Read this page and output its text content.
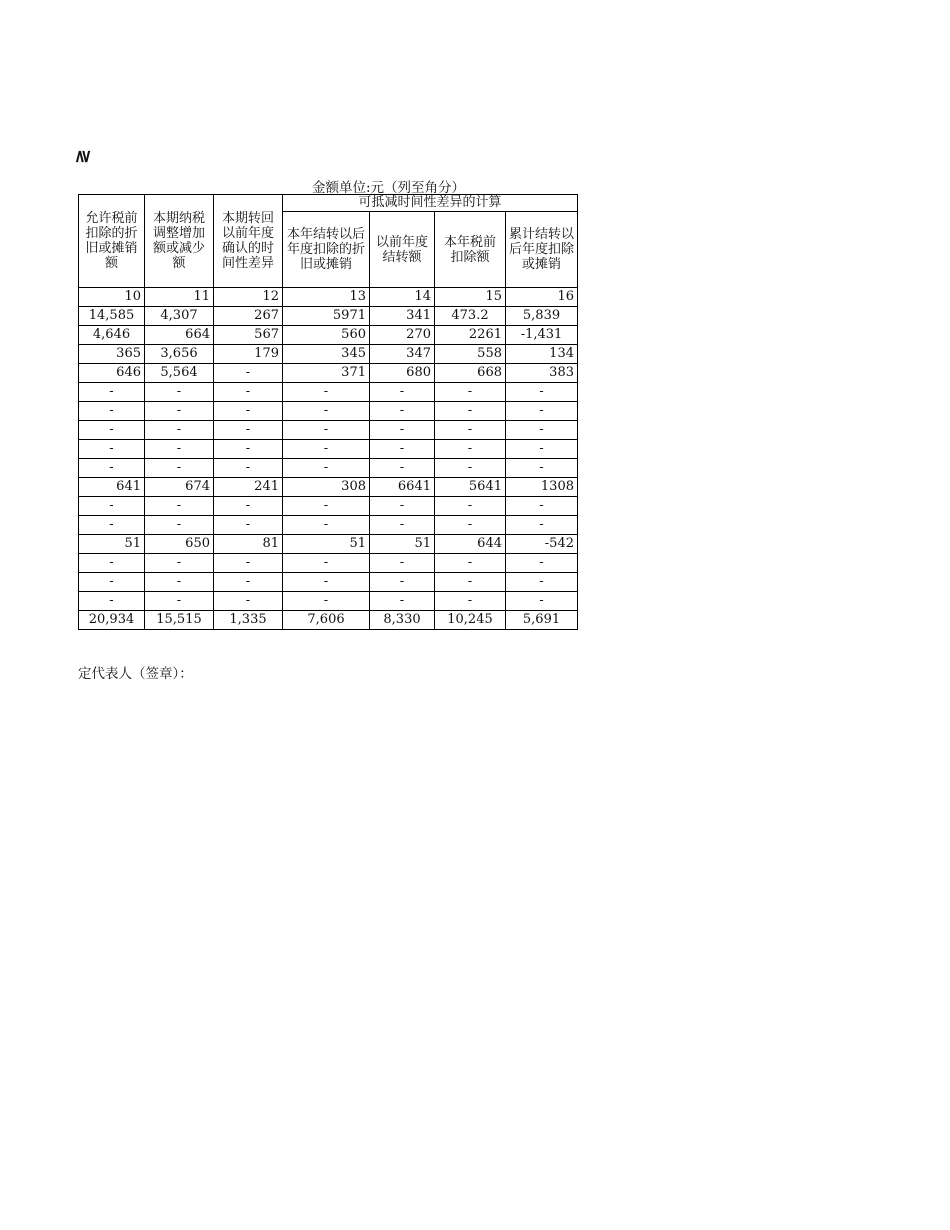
≷
金额单位:元（列至角分）
允许税前扣除的折旧或摊销额	本期纳税调整增加额或减少额	本期转回以前年度确认的时间性差异	可抵减时间性差异的计算			
			本年结转以后年度扣除的折旧或摊销	以前年度结转额	本年税前扣除额	累计结转以后年度扣除或摊销
10	11	12	13	14	15	16
14,585	4,307	267	5971	341	473.2	5,839
4,646	664	567	560	270	2261	-1,431
365	3,656	179	345	347	558	134
646	5,564	-	371	680	668	383
-	-	-	-	-	-	-
-	-	-	-	-	-	-
-	-	-	-	-	-	-
-	-	-	-	-	-	-
-	-	-	-	-	-	-
641	674	241	308	6641	5641	1308
-	-	-	-	-	-	-
-	-	-	-	-	-	-
51	650	81	51	51	644	-542
-	-	-	-	-	-	-
-	-	-	-	-	-	-
-	-	-	-	-	-	-
20,934	15,515	1,335	7,606	8,330	10,245	5,691
定代表人（签章）：
